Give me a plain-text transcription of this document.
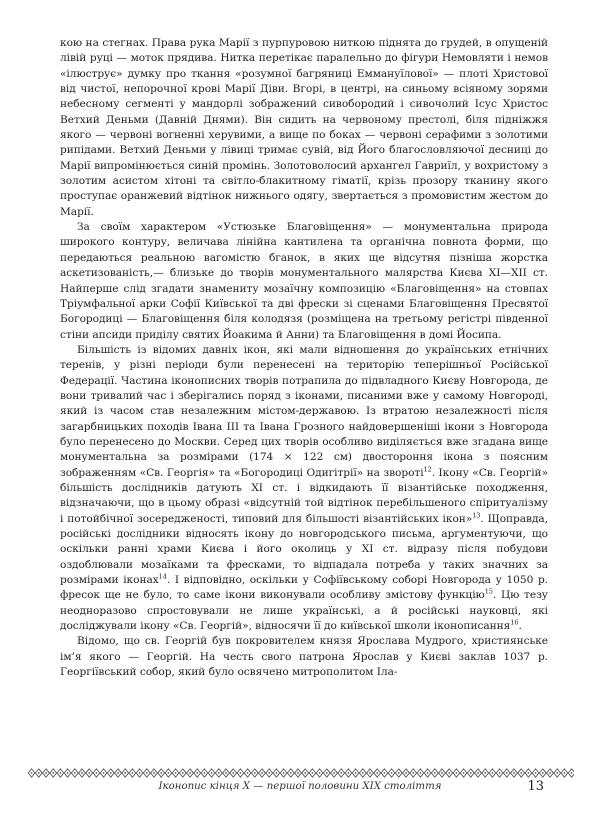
кою на стегнах. Права рука Марії з пурпуровою ниткою піднята до грудей, в опущеній лівій руці — моток прядива. Нитка перетікає паралельно до фігури Немовляти і немов «ілюструє» думку про ткання «розумної багряниці Еммануїлової» — плоті Христової від чистої, непорочної крові Марії Діви. Вгорі, в центрі, на синьому всіяному зорями небесному сегменті у мандорлі зображений сивобородий і сивочолий Ісус Христос Ветхий Деньми (Давній Днями). Він сидить на червоному престолі, біля підніжжя якого — червоні вогненні херувими, а вище по боках — червоні серафими з золотими рипідами. Ветхий Деньми у лівиці тримає сувій, від Його благословляючої десниці до Марії випромінюється синій промінь. Золотоволосий архангел Гавриїл, у вохристому з золотим асистом хітоні та світло-блакитному гіматії, крізь прозору тканину якого проступає оранжевий відтінок нижнього одягу, звертається з промовистим жестом до Марії.

За своїм характером «Устюзьке Благовіщення» — монументальна природа широкого контуру, величава лінійна кантилена та органічна повнота форми, що передаються реальною вагомістю бганок, в яких ще відсутня пізніша жорстка аскетизованість,— близьке до творів монументального малярства Києва XI—XII ст. Найперше слід згадати знамениту мозаїчну композицію «Благовіщення» на стовпах Тріумфальної арки Софії Київської та дві фрески зі сценами Благовіщення Пресвятої Богородиці — Благовіщення біля колодязя (розміщена на третьому регістрі південної стіни апсиди приділу святих Йоакима й Анни) та Благовіщення в домі Йосипа.

Більшість із відомих давніх ікон, які мали відношення до українських етнічних теренів, у різні періоди були перенесені на територію теперішньої Російської Федерації. Частина іконописних творів потрапила до підвладного Києву Новгорода, де вони тривалий час і зберігались поряд з іконами, писаними вже у самому Новгороді, який із часом став незалежним містом-державою. Із втратою незалежності після загарбницьких походів Івана III та Івана Грозного найдовершеніші ікони з Новгорода було перенесено до Москви. Серед цих творів особливо виділяється вже згадана вище монументальна за розмірами (174 × 122 см) двостороння ікона з поясним зображенням «Св. Георгія» та «Богородиці Одигітрії» на звороті$^{12}$. Ікону «Св. Георгій» більшість дослідників датують XI ст. і відкидають її візантійське походження, відзначаючи, що в цьому образі «відсутній той відтінок перебільшеного спіритуалізму і потойбічної зосередженості, типовий для більшості візантійських ікон»$^{13}$. Щоправда, російські дослідники відносять ікону до новгородського письма, аргументуючи, що оскільки ранні храми Києва і його околиць у XI ст. відразу після побудови оздоблювали мозаїками та фресками, то відпадала потреба у таких значних за розмірами іконах$^{14}$. І відповідно, оскільки у Софіївському соборі Новгорода у 1050 р. фресок ще не було, то саме ікони виконували особливу змістову функцію$^{15}$. Цю тезу неодноразово спростовували не лише українські, а й російські науковці, які досліджували ікону «Св. Георгій», відносячи її до київської школи іконописання$^{16}$.

Відомо, що св. Георгій був покровителем князя Ярослава Мудрого, християнське ім’я якого — Георгій. На честь свого патрона Ярослав у Києві заклав 1037 р. Георгіївський собор, який було освячено митрополитом Іла-

Іконопис кінця Х — першої половини ХІХ століття	13
